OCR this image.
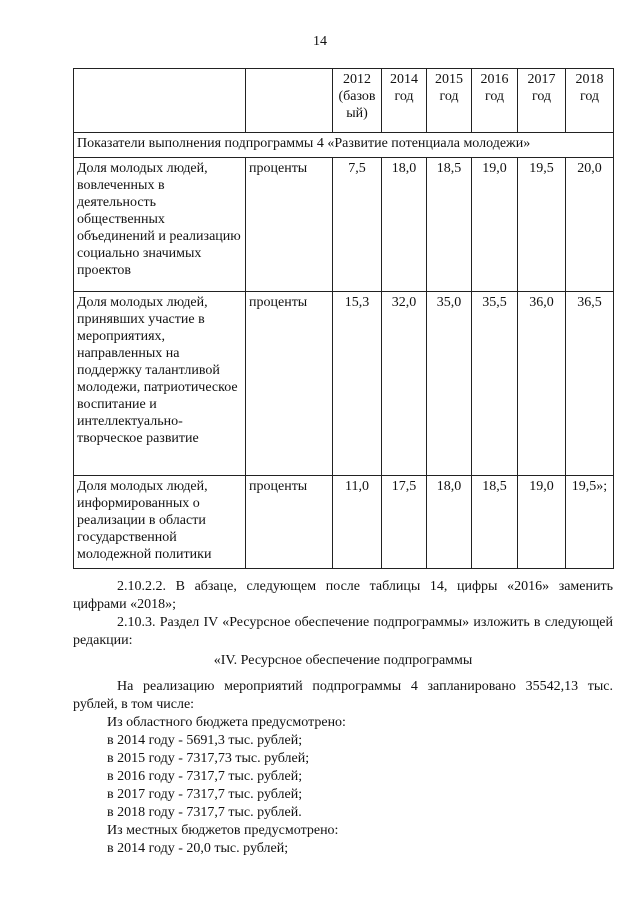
14
		2012 (базов ый)	2014 год	2015 год	2016 год	2017 год	2018 год
Показатели выполнения подпрограммы 4 «Развитие потенциала молодежи»							
Доля молодых людей, вовлеченных в деятельность общественных объединений и реализацию социально значимых проектов	проценты	7,5	18,0	18,5	19,0	19,5	20,0
Доля молодых людей, принявших участие в мероприятиях, направленных на поддержку талантливой молодежи, патриотическое воспитание и интеллектуально-творческое развитие	проценты	15,3	32,0	35,0	35,5	36,0	36,5
Доля молодых людей, информированных о реализации в области государственной молодежной политики	проценты	11,0	17,5	18,0	18,5	19,0	19,5»;

2.10.2.2. В абзаце, следующем после таблицы 14, цифры «2016» заменить цифрами «2018»;

2.10.3. Раздел IV «Ресурсное обеспечение подпрограммы» изложить в следующей редакции:

«IV. Ресурсное обеспечение подпрограммы

На реализацию мероприятий подпрограммы 4 запланировано 35542,13 тыс. рублей, в том числе:

Из областного бюджета предусмотрено:

в 2014 году - 5691,3 тыс. рублей;

в 2015 году - 7317,73 тыс. рублей;

в 2016 году - 7317,7 тыс. рублей;

в 2017 году - 7317,7 тыс. рублей;

в 2018 году - 7317,7 тыс. рублей.

Из местных бюджетов предусмотрено:

в 2014 году - 20,0 тыс. рублей;
